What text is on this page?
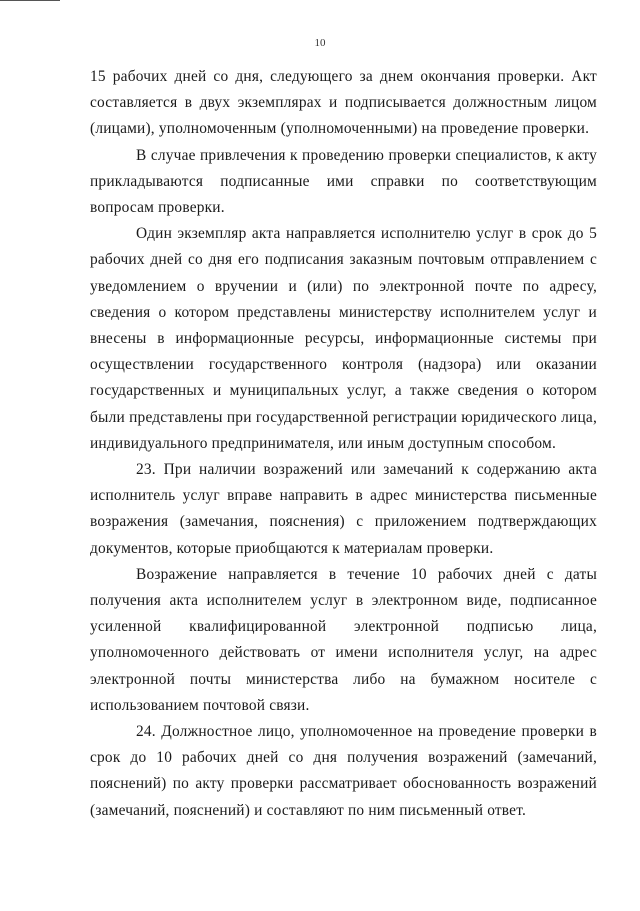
10

15 рабочих дней со дня, следующего за днем окончания проверки. Акт составляется в двух экземплярах и подписывается должностным лицом (лицами), уполномоченным (уполномоченными) на проведение проверки.

В случае привлечения к проведению проверки специалистов, к акту прикладываются подписанные ими справки по соответствующим вопросам проверки.

Один экземпляр акта направляется исполнителю услуг в срок до 5 рабочих дней со дня его подписания заказным почтовым отправлением с уведомлением о вручении и (или) по электронной почте по адресу, сведения о котором представлены министерству исполнителем услуг и внесены в информационные ресурсы, информационные системы при осуществлении государственного контроля (надзора) или оказании государственных и муниципальных услуг, а также сведения о котором были представлены при государственной регистрации юридического лица, индивидуального предпринимателя, или иным доступным способом.

23. При наличии возражений или замечаний к содержанию акта исполнитель услуг вправе направить в адрес министерства письменные возражения (замечания, пояснения) с приложением подтверждающих документов, которые приобщаются к материалам проверки.

Возражение направляется в течение 10 рабочих дней с даты получения акта исполнителем услуг в электронном виде, подписанное усиленной квалифицированной электронной подписью лица, уполномоченного действовать от имени исполнителя услуг, на адрес электронной почты министерства либо на бумажном носителе с использованием почтовой связи.

24. Должностное лицо, уполномоченное на проведение проверки в срок до 10 рабочих дней со дня получения возражений (замечаний, пояснений) по акту проверки рассматривает обоснованность возражений (замечаний, пояснений) и составляют по ним письменный ответ.
